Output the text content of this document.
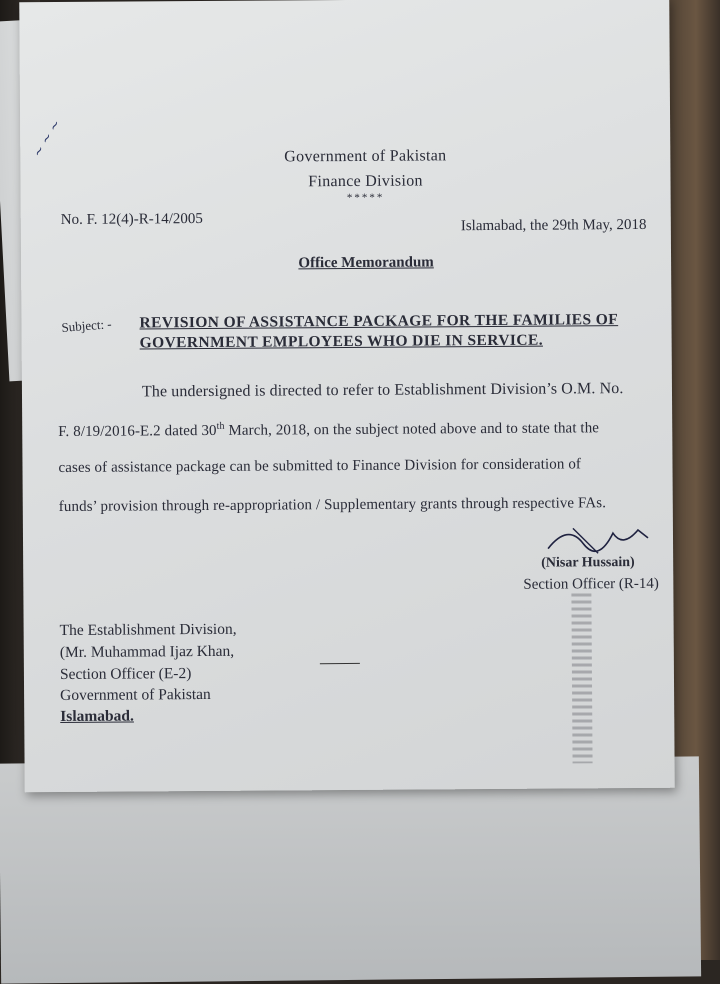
~ ~ ~	Government of Pakistan

Finance Division

*****

No. F. 12(4)-R-14/2005	Islamabad, the 29th May, 2018

Office Memorandum

Subject: - REVISION OF ASSISTANCE PACKAGE FOR THE FAMILIES OF GOVERNMENT EMPLOYEES WHO DIE IN SERVICE.

The undersigned is directed to refer to Establishment Division’s O.M. No.

F. 8/19/2016-E.2 dated 30th March, 2018, on the subject noted above and to state that the

cases of assistance package can be submitted to Finance Division for consideration of

funds’ provision through re-appropriation / Supplementary grants through respective FAs.

(Nisar Hussain)

Section Officer (R-14)

The Establishment Division,

(Mr. Muhammad Ijaz Khan,

Section Officer (E-2)

Government of Pakistan

Islamabad.
